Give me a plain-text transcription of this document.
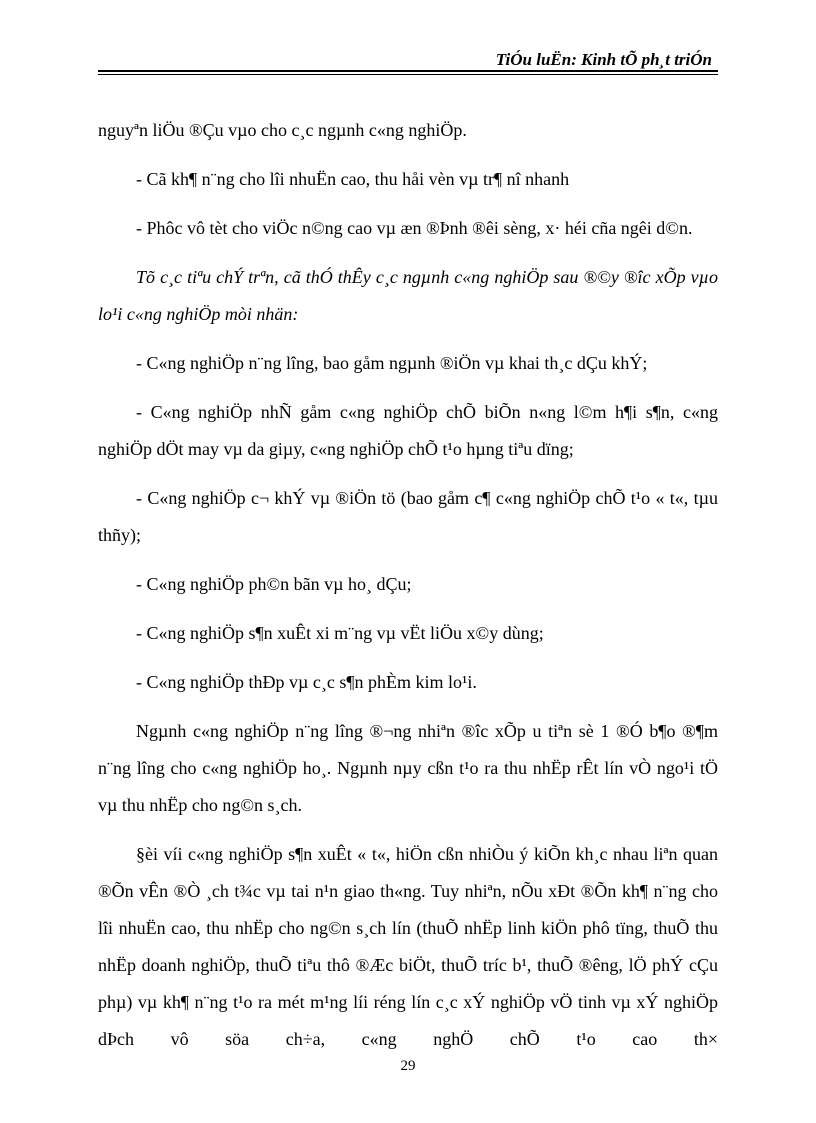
TiÓu luËn: Kinh tÕ ph¸t triÓn

nguyªn liÖu ®Çu vµo cho c¸c ngµnh c«ng nghiÖp.

- Cã kh¶ n¨ng cho lîi nhuËn cao, thu håi vèn vµ tr¶ nî nhanh

- Phôc vô tèt cho viÖc n©ng cao vµ æn ®Þnh ®êi sèng, x· héi cña ngêi d©n.

Tõ c¸c tiªu chÝ trªn, cã thÓ thÊy c¸c ngµnh c«ng nghiÖp sau ®©y ®îc xÕp vµo lo¹i c«ng nghiÖp mòi nhän:

- C«ng nghiÖp n¨ng lîng, bao gåm ngµnh ®iÖn vµ khai th¸c dÇu khÝ;

- C«ng nghiÖp nhÑ gåm c«ng nghiÖp chÕ biÕn n«ng l©m h¶i s¶n, c«ng nghiÖp dÖt may vµ da giµy, c«ng nghiÖp chÕ t¹o hµng tiªu dïng;

- C«ng nghiÖp c¬ khÝ vµ ®iÖn tö (bao gåm c¶ c«ng nghiÖp chÕ t¹o « t«, tµu thñy);

- C«ng nghiÖp ph©n bãn vµ ho¸ dÇu;

- C«ng nghiÖp s¶n xuÊt xi m¨ng vµ vËt liÖu x©y dùng;

- C«ng nghiÖp thÐp vµ c¸c s¶n phÈm kim lo¹i.

Ngµnh c«ng nghiÖp n¨ng lîng ®¬ng nhiªn ®îc xÕp u tiªn sè 1 ®Ó b¶o ®¶m n¨ng lîng cho c«ng nghiÖp ho¸. Ngµnh nµy cßn t¹o ra thu nhËp rÊt lín vÒ ngo¹i tÖ vµ thu nhËp cho ng©n s¸ch.

§èi víi c«ng nghiÖp s¶n xuÊt « t«, hiÖn cßn nhiÒu ý kiÕn kh¸c nhau liªn quan ®Õn vÊn ®Ò ¸ch t¾c vµ tai n¹n giao th«ng. Tuy nhiªn, nÕu xÐt ®Õn kh¶ n¨ng cho lîi nhuËn cao, thu nhËp cho ng©n s¸ch lín (thuÕ nhËp linh kiÖn phô tïng, thuÕ thu nhËp doanh nghiÖp, thuÕ tiªu thô ®Æc biÖt, thuÕ tríc b¹, thuÕ ®êng, lÖ phÝ cÇu phµ) vµ kh¶ n¨ng t¹o ra mét m¹ng líi réng lín c¸c xÝ nghiÖp vÖ tinh vµ xÝ nghiÖp dÞch vô söa ch÷a, c«ng nghÖ chÕ t¹o cao th×

29
